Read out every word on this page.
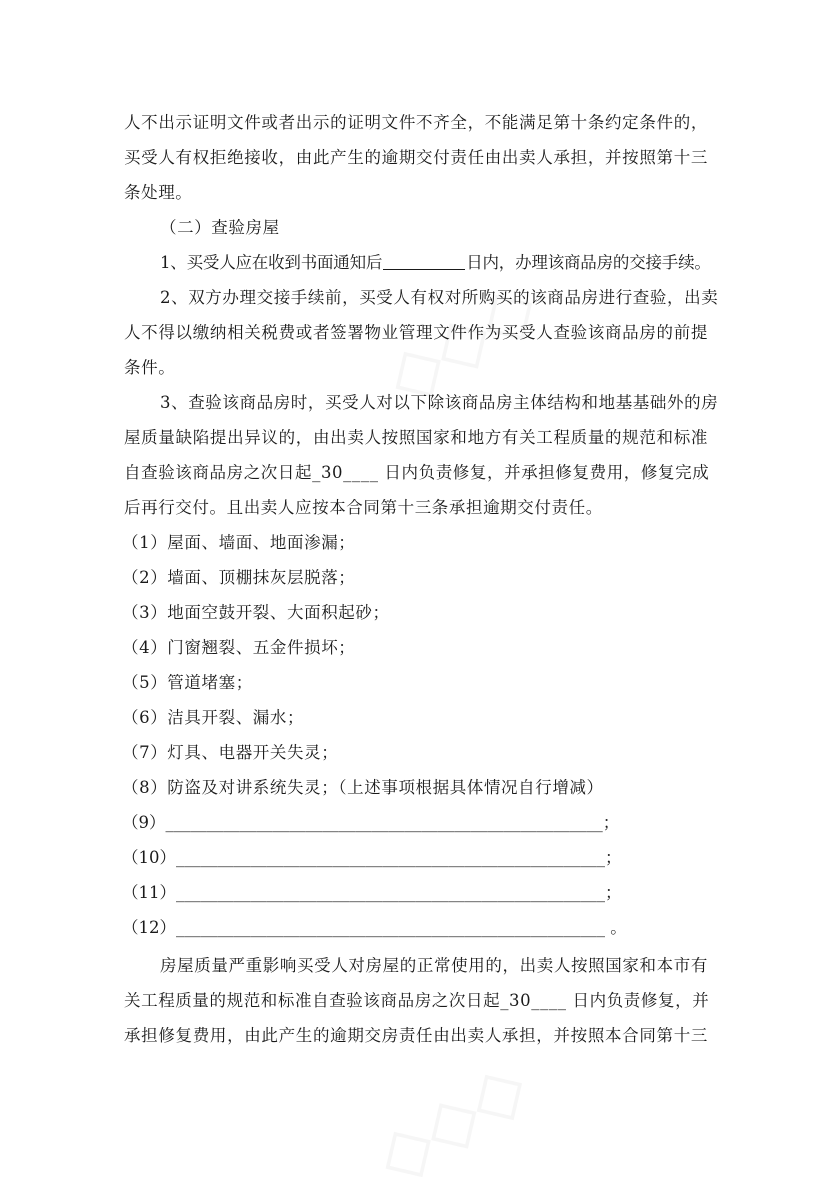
人不出示证明文件或者出示的证明文件不齐全，不能满足第十条约定条件的，
买受人有权拒绝接收，由此产生的逾期交付责任由出卖人承担，并按照第十三
条处理。
（二）查验房屋
1、买受人应在收到书面通知后	日内，办理该商品房的交接手续。
2、双方办理交接手续前，买受人有权对所购买的该商品房进行查验，出卖
人不得以缴纳相关税费或者签署物业管理文件作为买受人查验该商品房的前提
条件。
3、查验该商品房时，买受人对以下除该商品房主体结构和地基基础外的房
屋质量缺陷提出异议的，由出卖人按照国家和地方有关工程质量的规范和标准
自查验该商品房之次日起_30____ 日内负责修复，并承担修复费用，修复完成
后再行交付。且出卖人应按本合同第十三条承担逾期交付责任。
（1）屋面、墙面、地面渗漏；
（2）墙面、顶棚抹灰层脱落；
（3）地面空鼓开裂、大面积起砂；
（4）门窗翘裂、五金件损坏；
（5）管道堵塞；
（6）洁具开裂、漏水；
（7）灯具、电器开关失灵；
（8）防盗及对讲系统失灵；（上述事项根据具体情况自行增减）
（9）_____________________________________________________；
（10）____________________________________________________；
（11）____________________________________________________；
（12）____________________________________________________ 。
房屋质量严重影响买受人对房屋的正常使用的，出卖人按照国家和本市有
关工程质量的规范和标准自查验该商品房之次日起_30____ 日内负责修复，并
承担修复费用，由此产生的逾期交房责任由出卖人承担，并按照本合同第十三
